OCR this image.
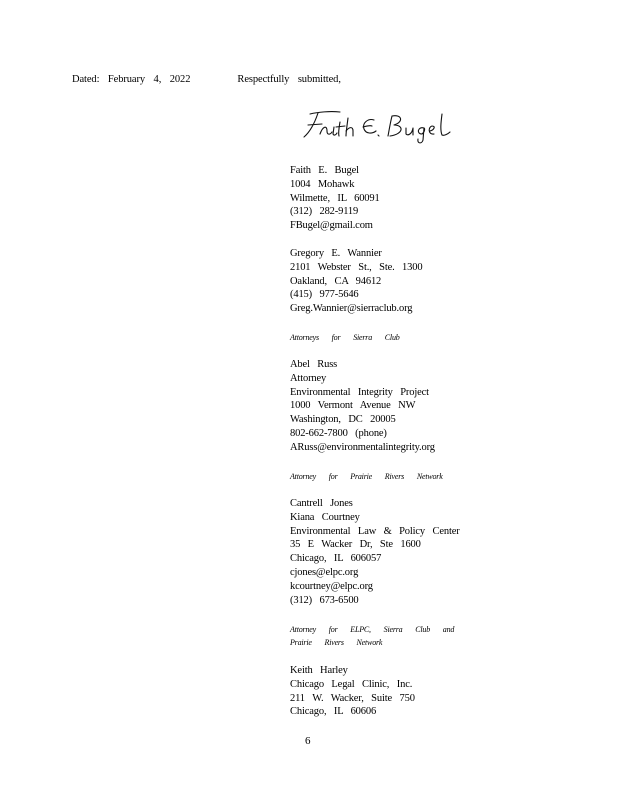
Dated: February 4, 2022	Respectfully submitted,
Faith E. Bugel
1004 Mohawk
Wilmette, IL 60091
(312) 282-9119
FBugel@gmail.com
Gregory E. Wannier
2101 Webster St., Ste. 1300
Oakland, CA 94612
(415) 977-5646
Greg.Wannier@sierraclub.org
Attorneys for Sierra Club
Abel Russ
Attorney
Environmental Integrity Project
1000 Vermont Avenue NW
Washington, DC 20005
802-662-7800 (phone)
ARuss@environmentalintegrity.org
Attorney for Prairie Rivers Network
Cantrell Jones
Kiana Courtney
Environmental Law & Policy Center
35 E Wacker Dr, Ste 1600
Chicago, IL 606057
cjones@elpc.org
kcourtney@elpc.org
(312) 673-6500
Attorney for ELPC, Sierra Club and
Prairie Rivers Network
Keith Harley
Chicago Legal Clinic, Inc.
211 W. Wacker, Suite 750
Chicago, IL 60606
6
